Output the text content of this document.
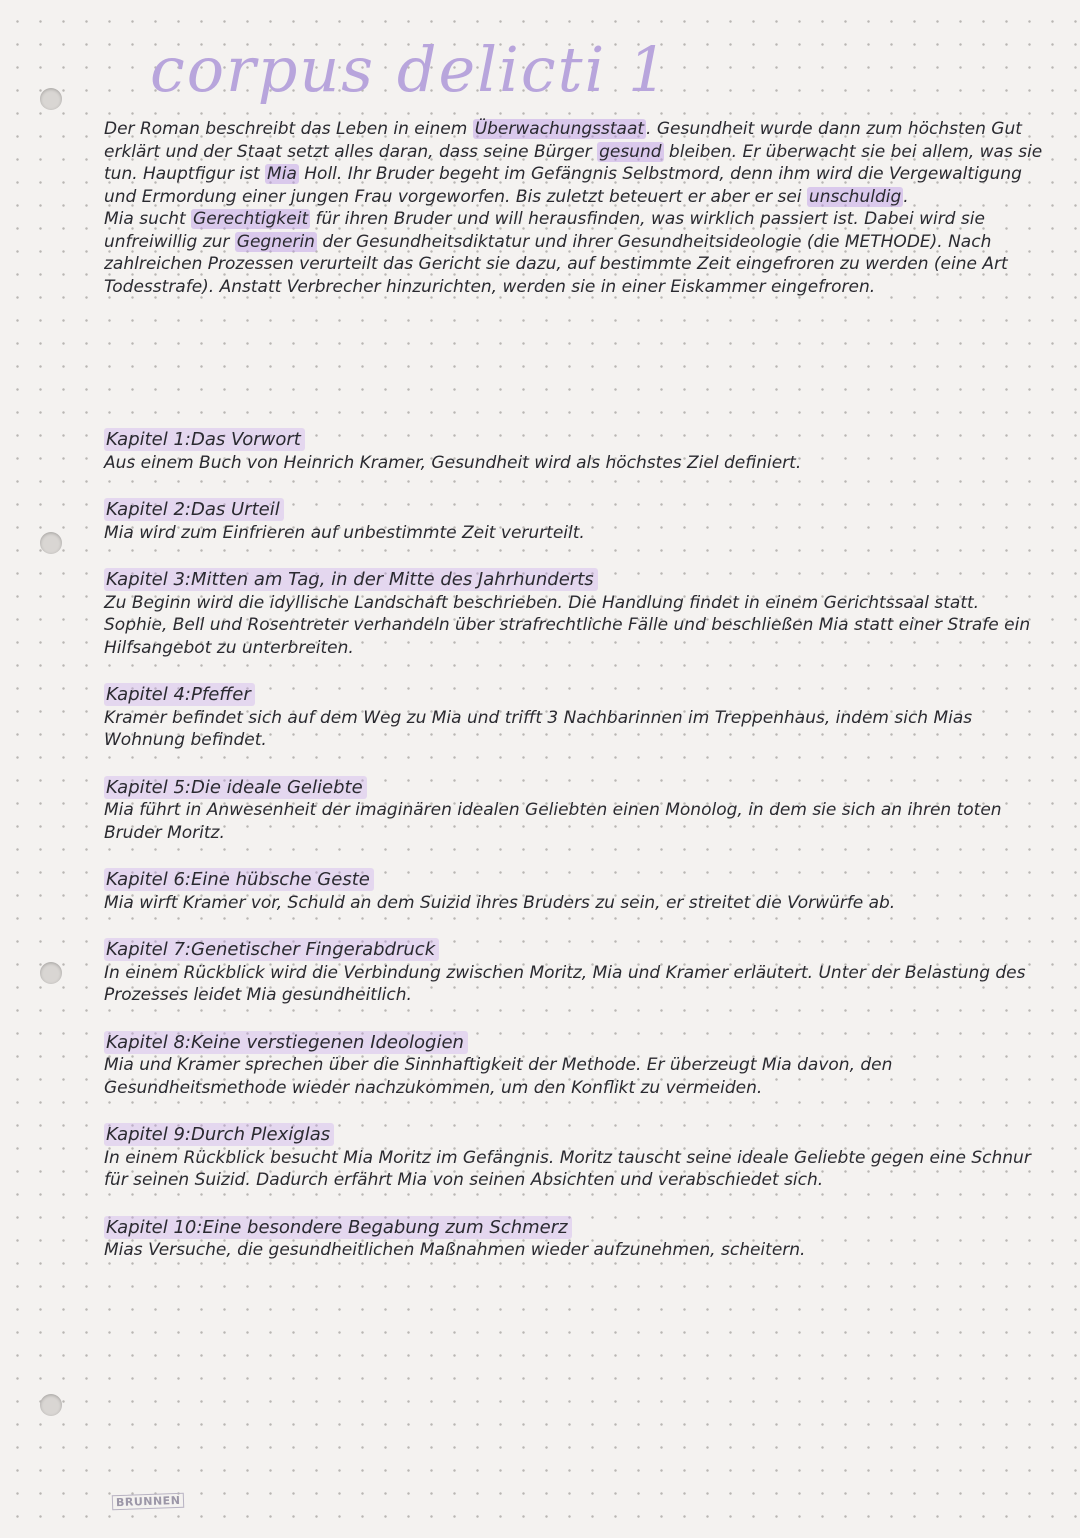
corpus delicti 1

Der Roman beschreibt das Leben in einem Überwachungsstaat . Gesundheit wurde dann zum höchsten Gut erklärt und der Staat setzt alles daran, dass seine Bürger gesund bleiben. Er überwacht sie bei allem, was sie tun. Hauptfigur ist Mia Holl. Ihr Bruder begeht im Gefängnis Selbstmord, denn ihm wird die Vergewaltigung und Ermordung einer jungen Frau vorgeworfen. Bis zuletzt beteuert er aber er sei unschuldig .

Mia sucht Gerechtigkeit für ihren Bruder und will herausfinden, was wirklich passiert ist. Dabei wird sie unfreiwillig zur Gegnerin der Gesundheitsdiktatur und ihrer Gesundheitsideologie (die METHODE). Nach zahlreichen Prozessen verurteilt das Gericht sie dazu, auf bestimmte Zeit eingefroren zu werden (eine Art Todesstrafe). Anstatt Verbrecher hinzurichten, werden sie in einer Eiskammer eingefroren.

Kapitel 1:Das Vorwort
Aus einem Buch von Heinrich Kramer, Gesundheit wird als höchstes Ziel definiert.
Kapitel 2:Das Urteil
Mia wird zum Einfrieren auf unbestimmte Zeit verurteilt.
Kapitel 3:Mitten am Tag, in der Mitte des Jahrhunderts
Zu Beginn wird die idyllische Landschaft beschrieben. Die Handlung findet in einem Gerichtssaal statt. Sophie, Bell und Rosentreter verhandeln über strafrechtliche Fälle und beschließen Mia statt einer Strafe ein Hilfsangebot zu unterbreiten.
Kapitel 4:Pfeffer
Kramer befindet sich auf dem Weg zu Mia und trifft 3 Nachbarinnen im Treppenhaus, indem sich Mias Wohnung befindet.
Kapitel 5:Die ideale Geliebte
Mia führt in Anwesenheit der imaginären idealen Geliebten einen Monolog, in dem sie sich an ihren toten Bruder Moritz.
Kapitel 6:Eine hübsche Geste
Mia wirft Kramer vor, Schuld an dem Suizid ihres Bruders zu sein, er streitet die Vorwürfe ab.
Kapitel 7:Genetischer Fingerabdruck
In einem Rückblick wird die Verbindung zwischen Moritz, Mia und Kramer erläutert. Unter der Belastung des Prozesses leidet Mia gesundheitlich.
Kapitel 8:Keine verstiegenen Ideologien
Mia und Kramer sprechen über die Sinnhaftigkeit der Methode. Er überzeugt Mia davon, den Gesundheitsmethode wieder nachzukommen, um den Konflikt zu vermeiden.
Kapitel 9:Durch Plexiglas
In einem Rückblick besucht Mia Moritz im Gefängnis. Moritz tauscht seine ideale Geliebte gegen eine Schnur für seinen Suizid. Dadurch erfährt Mia von seinen Absichten und verabschiedet sich.
Kapitel 10:Eine besondere Begabung zum Schmerz
Mias Versuche, die gesundheitlichen Maßnahmen wieder aufzunehmen, scheitern.
BRUNNEN
